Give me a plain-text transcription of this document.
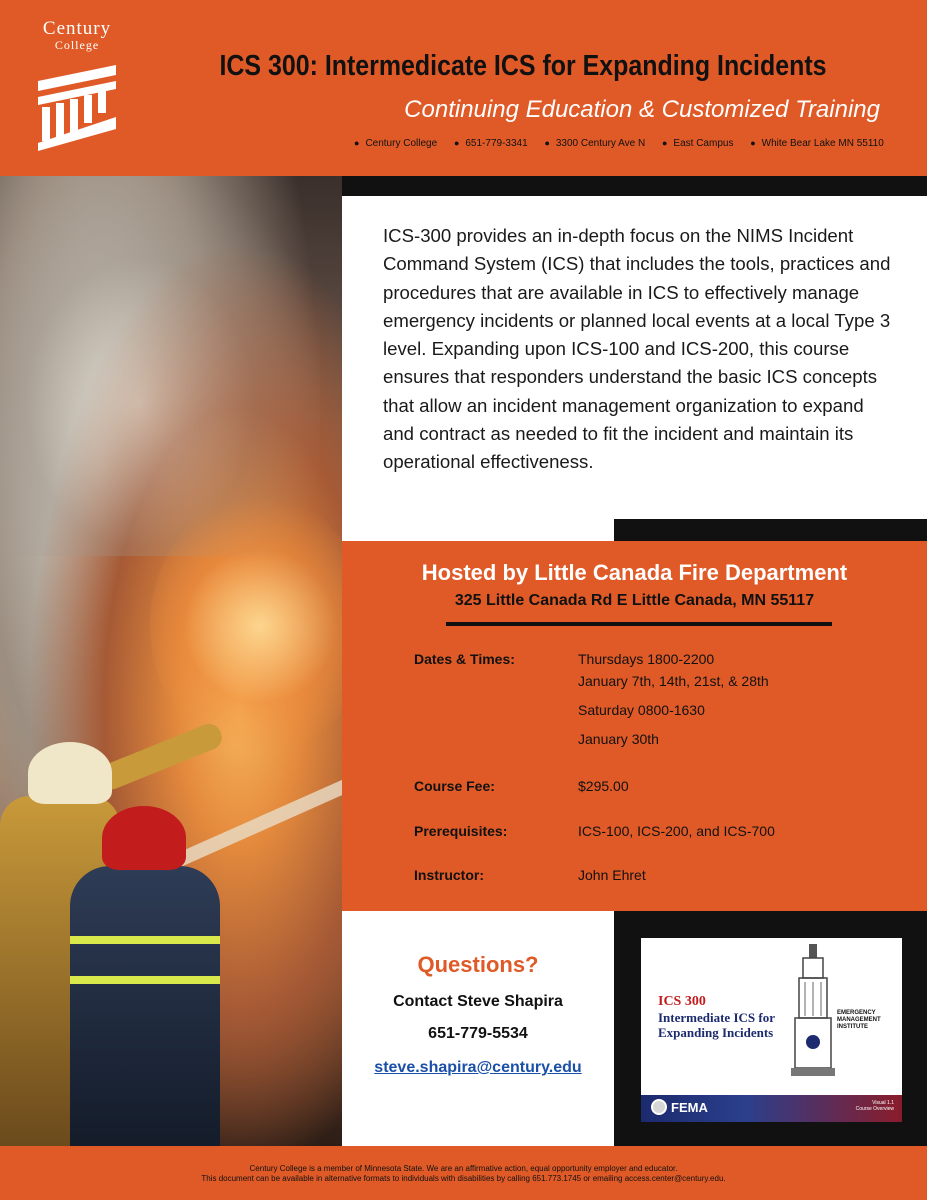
Century
College
ICS 300: Intermedicate ICS for Expanding Incidents
Continuing Education & Customized Training
● Century College	● 651-779-3341	● 3300 Century Ave N	● East Campus	● White Bear Lake MN 55110
ICS-300 provides an in-depth focus on the NIMS Incident Command System (ICS) that includes the tools, practices and procedures that are available in ICS to effectively manage emergency incidents or planned local events at a local Type 3 level. Expanding upon ICS-100 and ICS-200, this course ensures that responders understand the basic ICS concepts that allow an incident management organization to expand and contract as needed to fit the incident and maintain its operational effectiveness.
Hosted by Little Canada Fire Department
325 Little Canada Rd E Little Canada, MN 55117
Dates & Times:	Thursdays 1800-2200
January 7th, 14th, 21st, & 28th
Saturday 0800-1630
January 30th
Course Fee:	$295.00
Prerequisites:	ICS-100, ICS-200, and ICS-700
Instructor:	John Ehret
Questions?
Contact Steve Shapira
651-779-5534
steve.shapira@century.edu
ICS 300
Intermediate ICS for Expanding Incidents
EMERGENCY MANAGEMENT INSTITUTE
FEMA	Visual 1.1
Course Overview
Century College is a member of Minnesota State. We are an affirmative action, equal opportunity employer and educator.
This document can be available in alternative formats to individuals with disabilities by calling 651.773.1745 or emailing access.center@century.edu.
